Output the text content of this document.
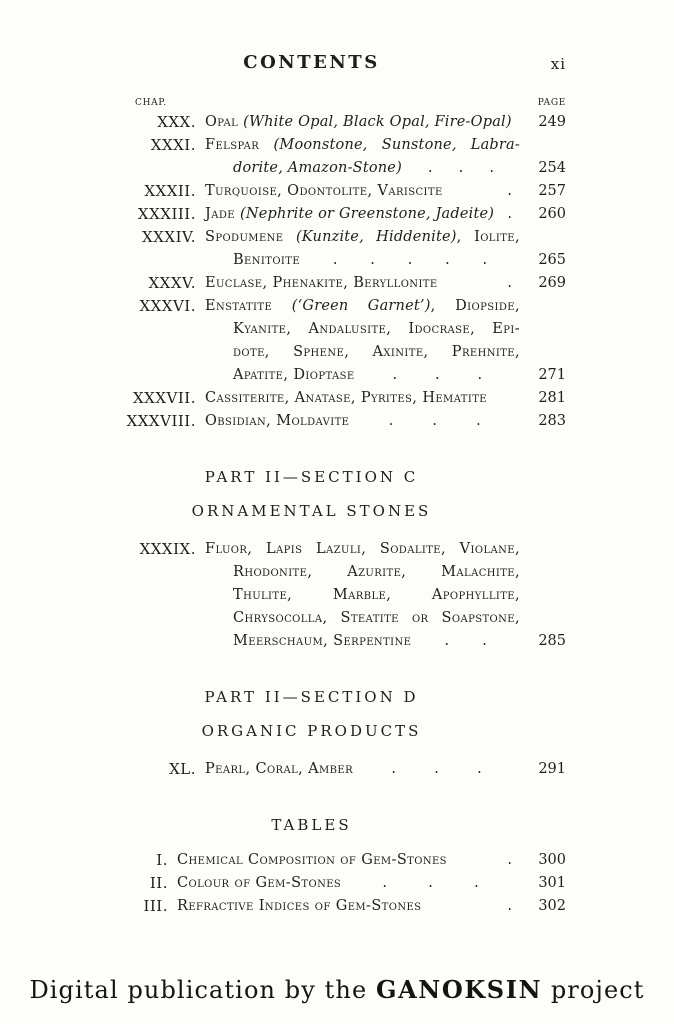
CONTENTS	xi
CHAP.	PAGE
XXX. Opal (White Opal, Black Opal, Fire-Opal)	249
XXXI. Felspar (Moonstone, Sunstone, Labra-
dorite, Amazon-Stone) . . .	254
XXXII. Turquoise, Odontolite, Variscite	.	257
XXXIII. Jade (Nephrite or Greenstone, Jadeite) .	260
XXXIV. Spodumene (Kunzite, Hiddenite), Iolite,
Benitoite . . . . .	265
XXXV. Euclase, Phenakite, Beryllonite	.	269
XXXVI. Enstatite (‘Green Garnet’), Diopside,
Kyanite, Andalusite, Idocrase, Epi-
dote, Sphene, Axinite, Prehnite,
Apatite, Dioptase	.	.	.	271
XXXVII. Cassiterite, Anatase, Pyrites, Hematite	281
XXXVIII. Obsidian, Moldavite	.	.	.	283
PART II—SECTION C
ORNAMENTAL STONES
XXXIX. Fluor, Lapis Lazuli, Sodalite, Violane,
Rhodonite, Azurite, Malachite,
Thulite, Marble, Apophyllite,
Chrysocolla, Steatite or Soapstone,
Meerschaum, Serpentine . .	285
PART II—SECTION D
ORGANIC PRODUCTS
XL. Pearl, Coral, Amber	.	.	.	291
TABLES
I. Chemical Composition of Gem-Stones	.	300
II. Colour of Gem-Stones	.	.	.	301
III. Refractive Indices of Gem-Stones	.	302
Digital publication by the GANOKSIN project
